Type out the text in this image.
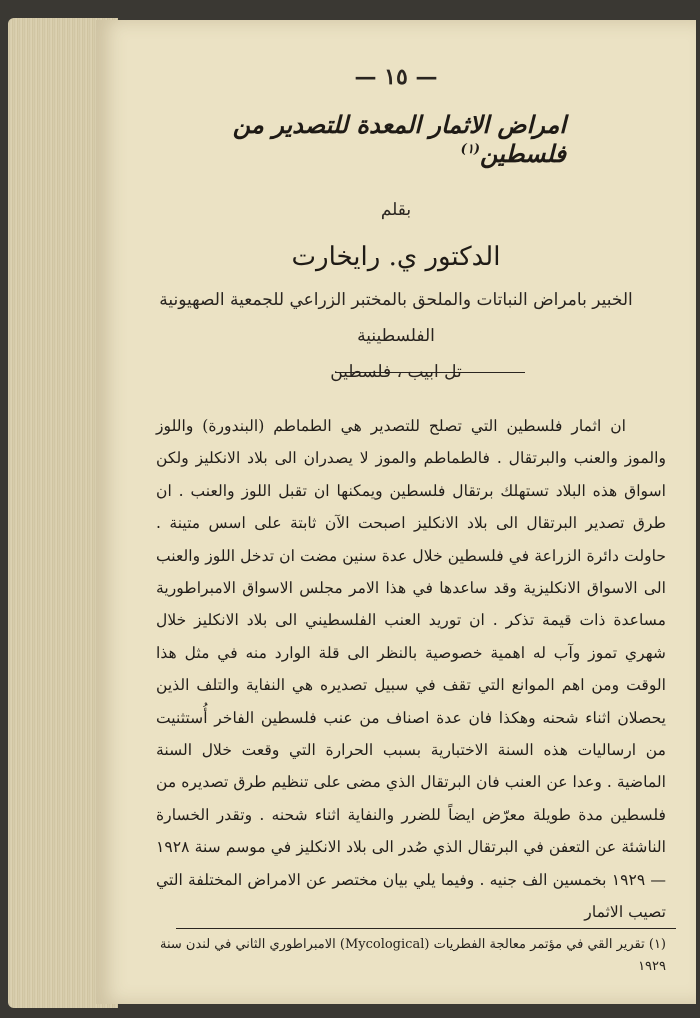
— ١٥ —
امراض الاثمار المعدة للتصدير من فلسطين$^{(١)}$
بقلم
الدكتور ي. رايخارت
الخبير بامراض النباتات والملحق بالمختبر الزراعي للجمعية الصهيونية الفلسطينية
تل ابيب ، فلسطين

ان اثمار فلسطين التي تصلح للتصدير هي الطماطم (البندورة) واللوز والموز والعنب والبرتقال . فالطماطم والموز لا يصدران الى بلاد الانكليز ولكن اسواق هذه البلاد تستهلك برتقال فلسطين ويمكنها ان تقبل اللوز والعنب . ان طرق تصدير البرتقال الى بلاد الانكليز اصبحت الآن ثابتة على اسس متينة . حاولت دائرة الزراعة في فلسطين خلال عدة سنين مضت ان تدخل اللوز والعنب الى الاسواق الانكليزية وقد ساعدها في هذا الامر مجلس الاسواق الامبراطورية مساعدة ذات قيمة تذكر . ان توريد العنب الفلسطيني الى بلاد الانكليز خلال شهري تموز وآب له اهمية خصوصية بالنظر الى قلة الوارد منه في مثل هذا الوقت ومن اهم الموانع التي تقف في سبيل تصديره هي النفاية والتلف الذين يحصلان اثناء شحنه وهكذا فان عدة اصناف من عنب فلسطين الفاخر أُستثنيت من ارساليات هذه السنة الاختبارية بسبب الحرارة التي وقعت خلال السنة الماضية . وعدا عن العنب فان البرتقال الذي مضى على تنظيم طرق تصديره من فلسطين مدة طويلة معرّض ايضاً للضرر والنفاية اثناء شحنه . وتقدر الخسارة الناشئة عن التعفن في البرتقال الذي صُدر الى بلاد الانكليز في موسم سنة ١٩٢٨ — ١٩٢٩ بخمسين الف جنيه . وفيما يلي بيان مختصر عن الامراض المختلفة التي تصيب الاثمار

(١) تقرير القي في مؤتمر معالجة الفطريات (Mycological) الامبراطوري الثاني في لندن سنة ١٩٢٩
